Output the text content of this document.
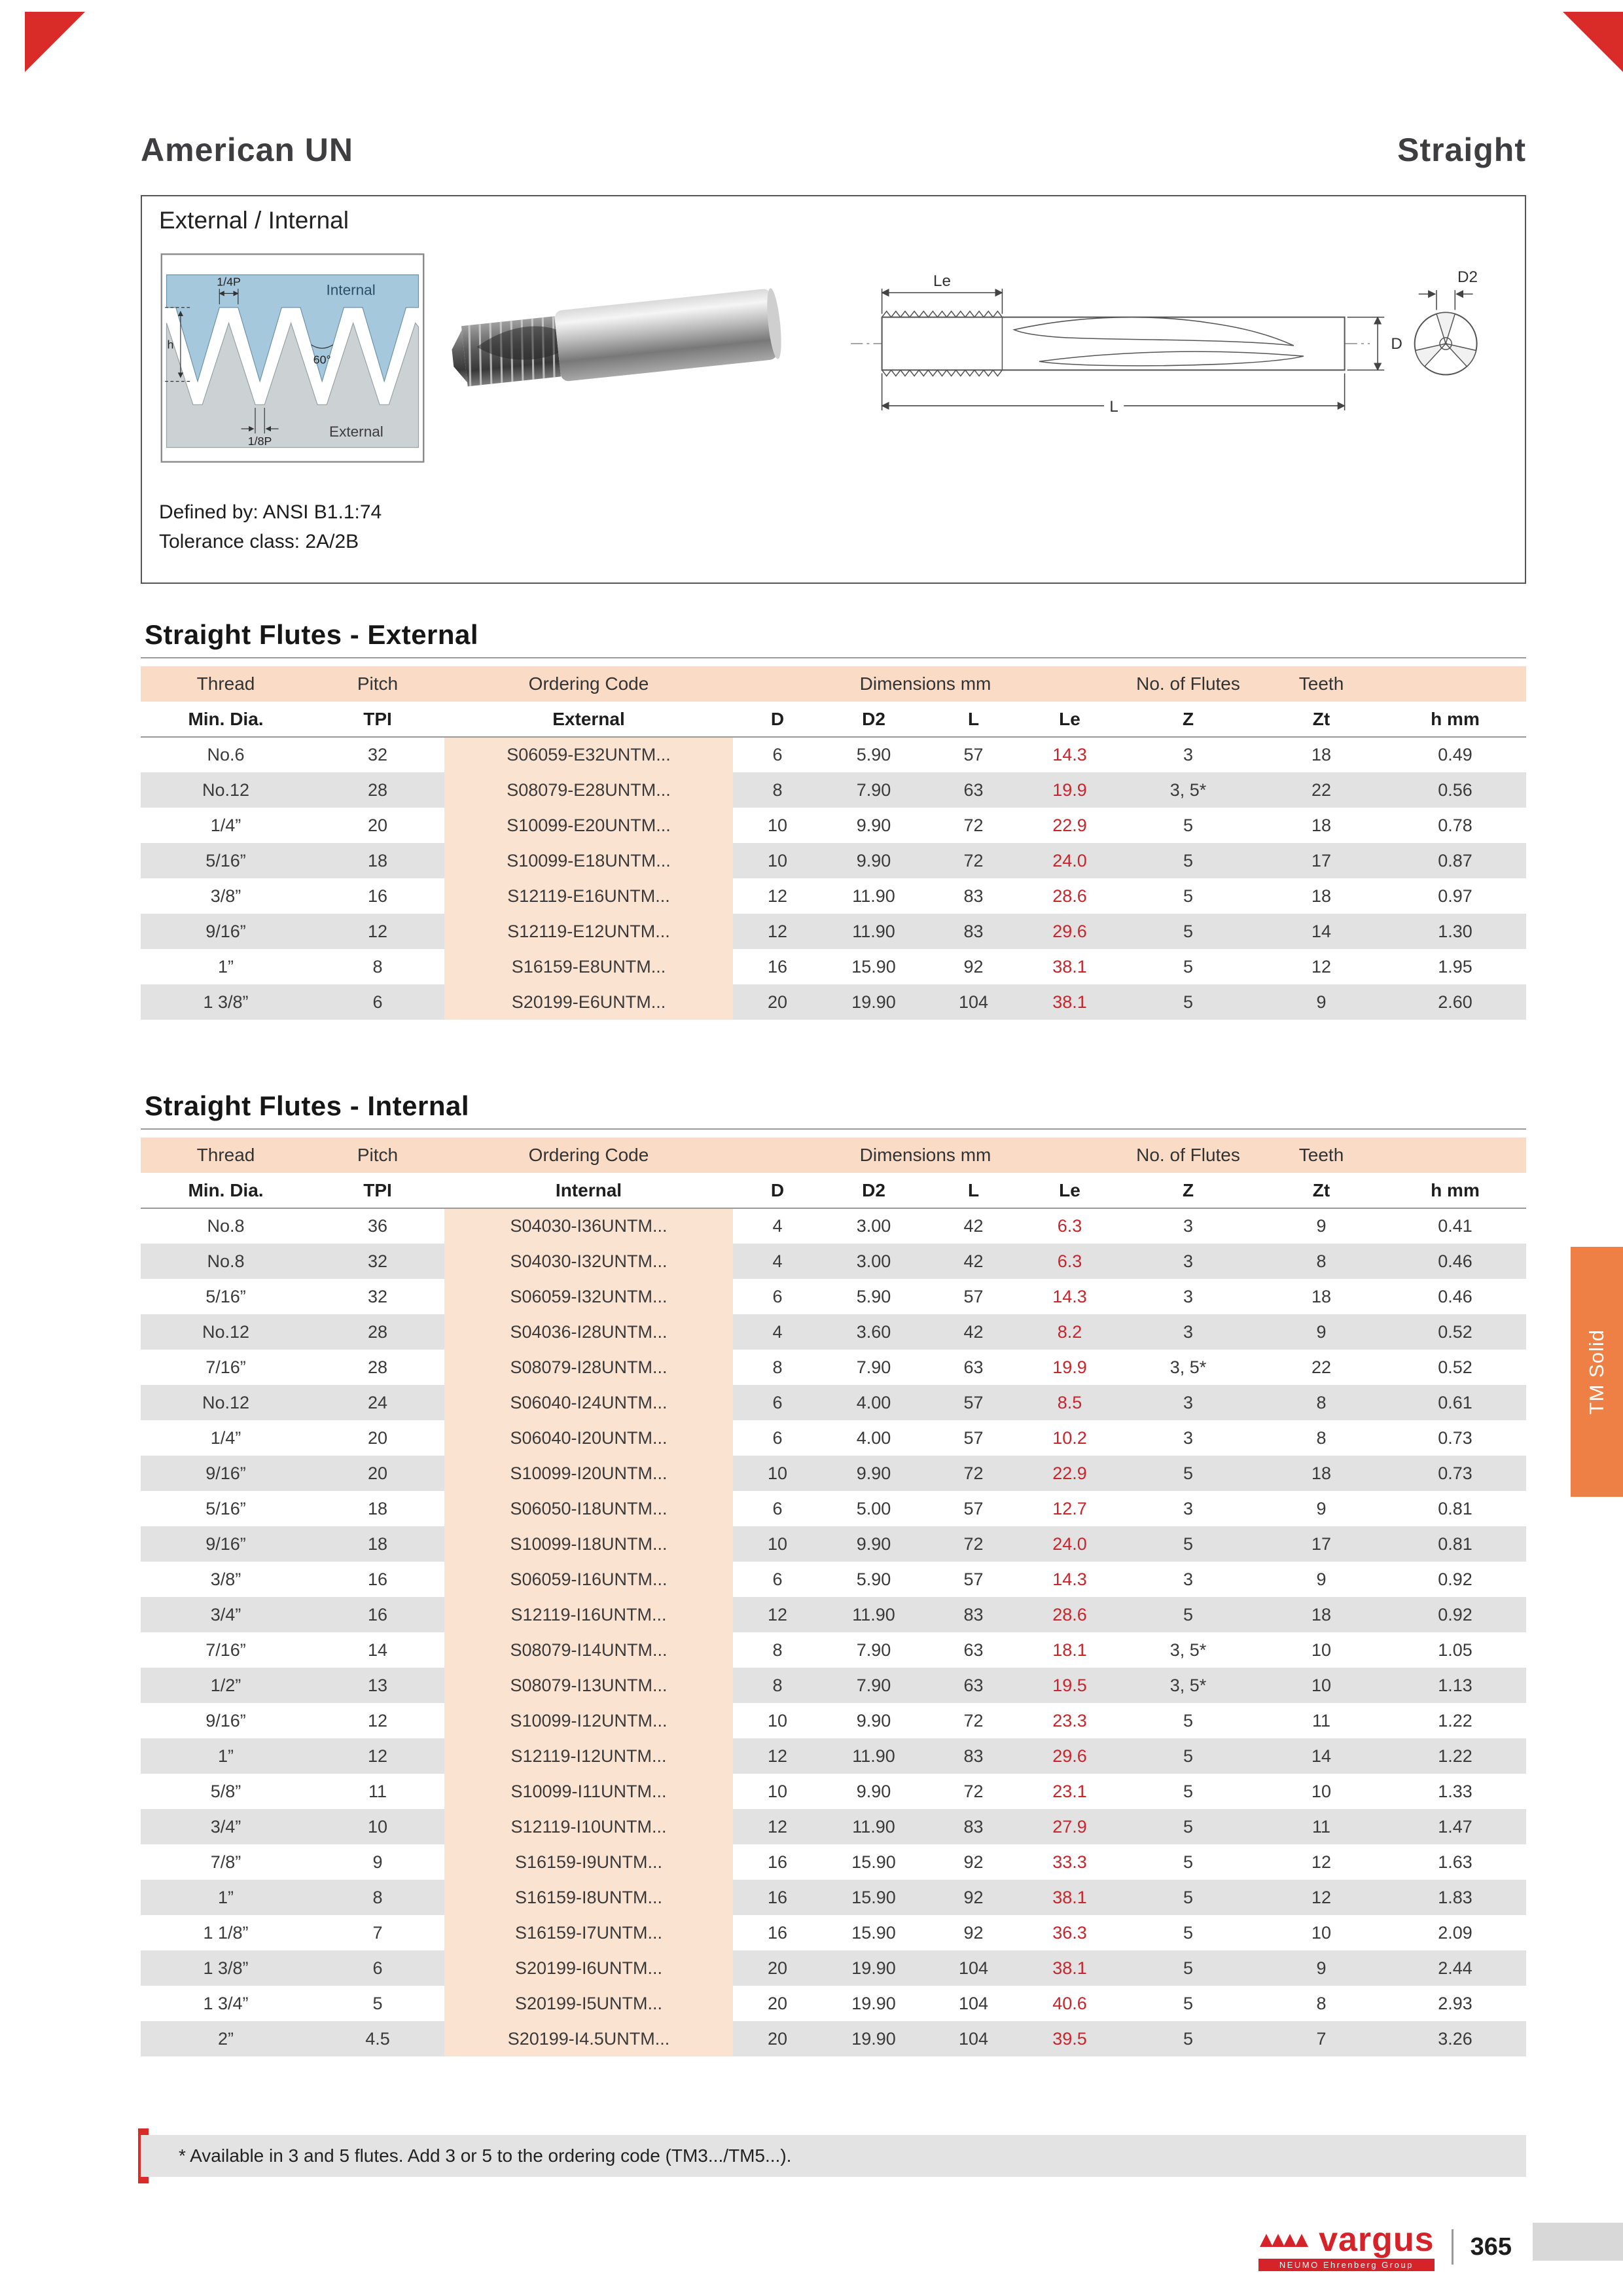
American UN	Straight
External / Internal
1/4P
Internal
60°
h
1/8P
External
Le
L
D
D2
Defined by: ANSI B1.1:74
Tolerance class: 2A/2B
Straight Flutes - External
Thread	Pitch	Ordering Code	Dimensions mm				No. of Flutes	Teeth	
Min. Dia.	TPI	External	D	D2	L	Le	Z	Zt	h mm
No.6	32	S06059-E32UNTM...	6	5.90	57	14.3	3	18	0.49
No.12	28	S08079-E28UNTM...	8	7.90	63	19.9	3, 5*	22	0.56
1/4”	20	S10099-E20UNTM...	10	9.90	72	22.9	5	18	0.78
5/16”	18	S10099-E18UNTM...	10	9.90	72	24.0	5	17	0.87
3/8”	16	S12119-E16UNTM...	12	11.90	83	28.6	5	18	0.97
9/16”	12	S12119-E12UNTM...	12	11.90	83	29.6	5	14	1.30
1”	8	S16159-E8UNTM...	16	15.90	92	38.1	5	12	1.95
1 3/8”	6	S20199-E6UNTM...	20	19.90	104	38.1	5	9	2.60
Straight Flutes - Internal
Thread	Pitch	Ordering Code	Dimensions mm				No. of Flutes	Teeth	
Min. Dia.	TPI	Internal	D	D2	L	Le	Z	Zt	h mm
No.8	36	S04030-I36UNTM...	4	3.00	42	6.3	3	9	0.41
No.8	32	S04030-I32UNTM...	4	3.00	42	6.3	3	8	0.46
5/16”	32	S06059-I32UNTM...	6	5.90	57	14.3	3	18	0.46
No.12	28	S04036-I28UNTM...	4	3.60	42	8.2	3	9	0.52
7/16”	28	S08079-I28UNTM...	8	7.90	63	19.9	3, 5*	22	0.52
No.12	24	S06040-I24UNTM...	6	4.00	57	8.5	3	8	0.61
1/4”	20	S06040-I20UNTM...	6	4.00	57	10.2	3	8	0.73
9/16”	20	S10099-I20UNTM...	10	9.90	72	22.9	5	18	0.73
5/16”	18	S06050-I18UNTM...	6	5.00	57	12.7	3	9	0.81
9/16”	18	S10099-I18UNTM...	10	9.90	72	24.0	5	17	0.81
3/8”	16	S06059-I16UNTM...	6	5.90	57	14.3	3	9	0.92
3/4”	16	S12119-I16UNTM...	12	11.90	83	28.6	5	18	0.92
7/16”	14	S08079-I14UNTM...	8	7.90	63	18.1	3, 5*	10	1.05
1/2”	13	S08079-I13UNTM...	8	7.90	63	19.5	3, 5*	10	1.13
9/16”	12	S10099-I12UNTM...	10	9.90	72	23.3	5	11	1.22
1”	12	S12119-I12UNTM...	12	11.90	83	29.6	5	14	1.22
5/8”	11	S10099-I11UNTM...	10	9.90	72	23.1	5	10	1.33
3/4”	10	S12119-I10UNTM...	12	11.90	83	27.9	5	11	1.47
7/8”	9	S16159-I9UNTM...	16	15.90	92	33.3	5	12	1.63
1”	8	S16159-I8UNTM...	16	15.90	92	38.1	5	12	1.83
1 1/8”	7	S16159-I7UNTM...	16	15.90	92	36.3	5	10	2.09
1 3/8”	6	S20199-I6UNTM...	20	19.90	104	38.1	5	9	2.44
1 3/4”	5	S20199-I5UNTM...	20	19.90	104	40.6	5	8	2.93
2”	4.5	S20199-I4.5UNTM...	20	19.90	104	39.5	5	7	3.26
* Available in 3 and 5 flutes. Add 3 or 5 to the ordering code (TM3.../TM5...).
vargus
NEUMO Ehrenberg Group
365
TM Solid
